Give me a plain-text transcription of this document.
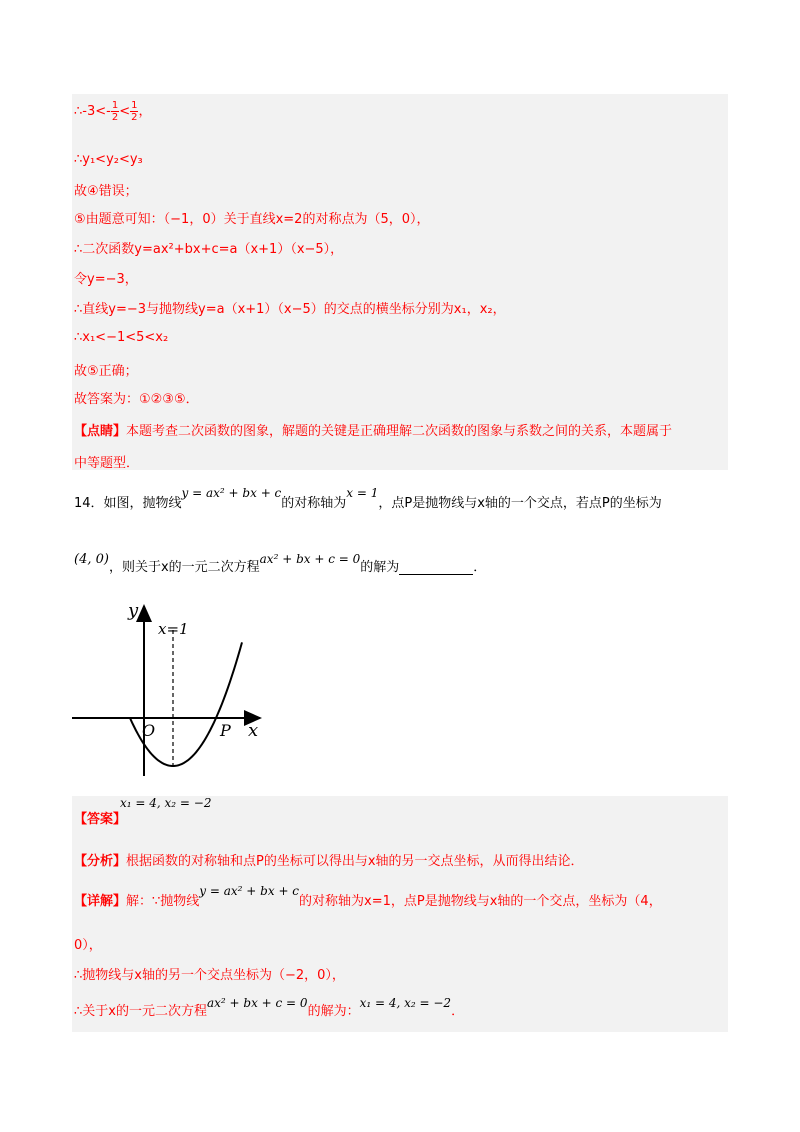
∴-3<- $\frac{1}{2} < \frac{1}{2}$ ，
∴y₁<y₂<y₃
故④错误；
⑤由题意可知：（−1，0）关于直线x=2的对称点为（5，0），
∴二次函数y=ax²+bx+c=a（x+1）（x−5），
令y=−3，
∴直线y=−3与抛物线y=a（x+1）（x−5）的交点的横坐标分别为x₁，x₂，
∴x₁<−1<5<x₂
故⑤正确；
故答案为：①②③⑤．
【点睛】本题考查二次函数的图象，解题的关键是正确理解二次函数的图象与系数之间的关系，本题属于
中等题型．
14．如图，抛物线y = ax² + bx + c的对称轴为x = 1，点P是抛物线与x轴的一个交点，若点P的坐标为
(4, 0)，则关于x的一元二次方程ax² + bx + c = 0的解为	．
y
x=1
O	P x
【答案】x₁ = 4, x₂ = −2
【分析】根据函数的对称轴和点P的坐标可以得出与x轴的另一交点坐标，从而得出结论．
【详解】解：∵抛物线y = ax² + bx + c的对称轴为x=1，点P是抛物线与x轴的一个交点，坐标为（4，
0），
∴抛物线与x轴的另一个交点坐标为（−2，0），
∴关于x的一元二次方程ax² + bx + c = 0的解为：x₁ = 4, x₂ = −2．
